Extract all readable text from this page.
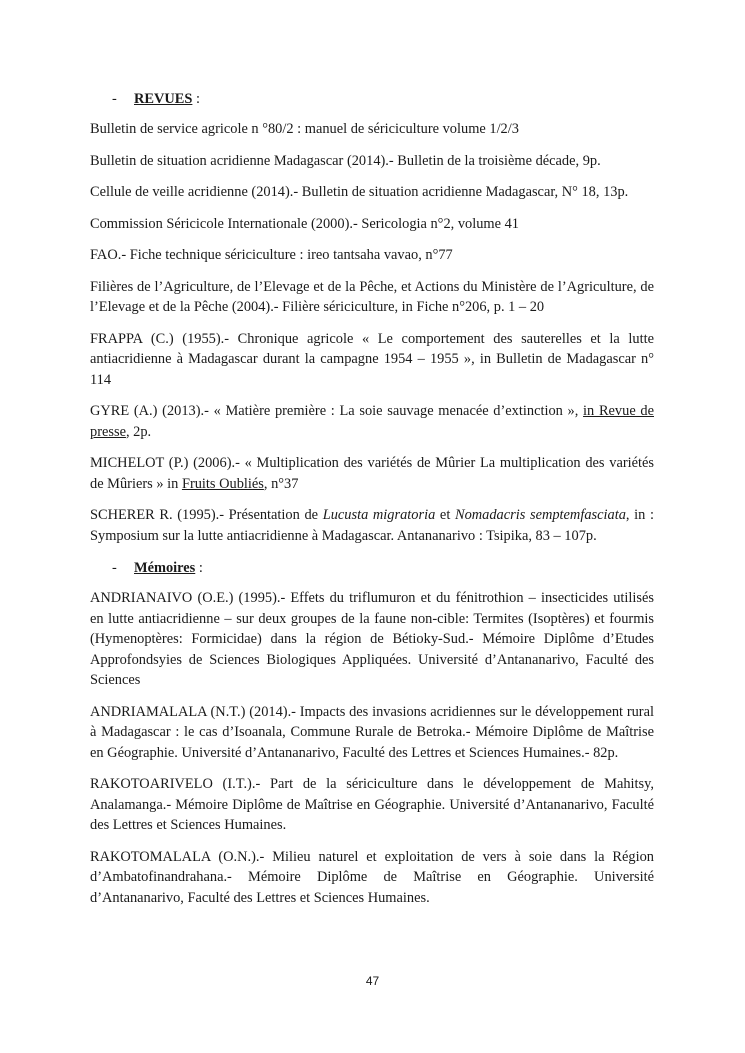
- REVUES :

Bulletin de service agricole n °80/2 : manuel de sériciculture volume 1/2/3

Bulletin de situation acridienne Madagascar (2014).- Bulletin de la troisième décade, 9p.

Cellule de veille acridienne (2014).- Bulletin de situation acridienne Madagascar, N° 18, 13p.

Commission Séricicole Internationale (2000).- Sericologia n°2, volume 41

FAO.- Fiche technique sériciculture : ireo tantsaha vavao, n°77

Filières de l’Agriculture, de l’Elevage et de la Pêche, et Actions du Ministère de l’Agriculture, de l’Elevage et de la Pêche (2004).- Filière sériciculture, in Fiche n°206, p. 1 – 20

FRAPPA (C.) (1955).- Chronique agricole « Le comportement des sauterelles et la lutte antiacridienne à Madagascar durant la campagne 1954 – 1955 », in Bulletin de Madagascar n° 114

GYRE (A.) (2013).- « Matière première : La soie sauvage menacée d’extinction », in Revue de presse, 2p.

MICHELOT (P.) (2006).- « Multiplication des variétés de Mûrier La multiplication des variétés de Mûriers » in Fruits Oubliés, n°37

SCHERER R. (1995).- Présentation de Lucusta migratoria et Nomadacris semptemfasciata, in : Symposium sur la lutte antiacridienne à Madagascar. Antananarivo : Tsipika, 83 – 107p.

- Mémoires :

ANDRIANAIVO (O.E.) (1995).- Effets du triflumuron et du fénitrothion – insecticides utilisés en lutte antiacridienne – sur deux groupes de la faune non-cible: Termites (Isoptères) et fourmis (Hymenoptères: Formicidae) dans la région de Bétioky-Sud.- Mémoire Diplôme d’Etudes Approfondsyies de Sciences Biologiques Appliquées. Université d’Antananarivo, Faculté des Sciences

ANDRIAMALALA (N.T.) (2014).- Impacts des invasions acridiennes sur le développement rural à Madagascar : le cas d’Isoanala, Commune Rurale de Betroka.- Mémoire Diplôme de Maîtrise en Géographie. Université d’Antananarivo, Faculté des Lettres et Sciences Humaines.- 82p.

RAKOTOARIVELO (I.T.).- Part de la sériciculture dans le développement de Mahitsy, Analamanga.- Mémoire Diplôme de Maîtrise en Géographie. Université d’Antananarivo, Faculté des Lettres et Sciences Humaines.

RAKOTOMALALA (O.N.).- Milieu naturel et exploitation de vers à soie dans la Région d’Ambatofinandrahana.- Mémoire Diplôme de Maîtrise en Géographie. Université d’Antananarivo, Faculté des Lettres et Sciences Humaines.

47
